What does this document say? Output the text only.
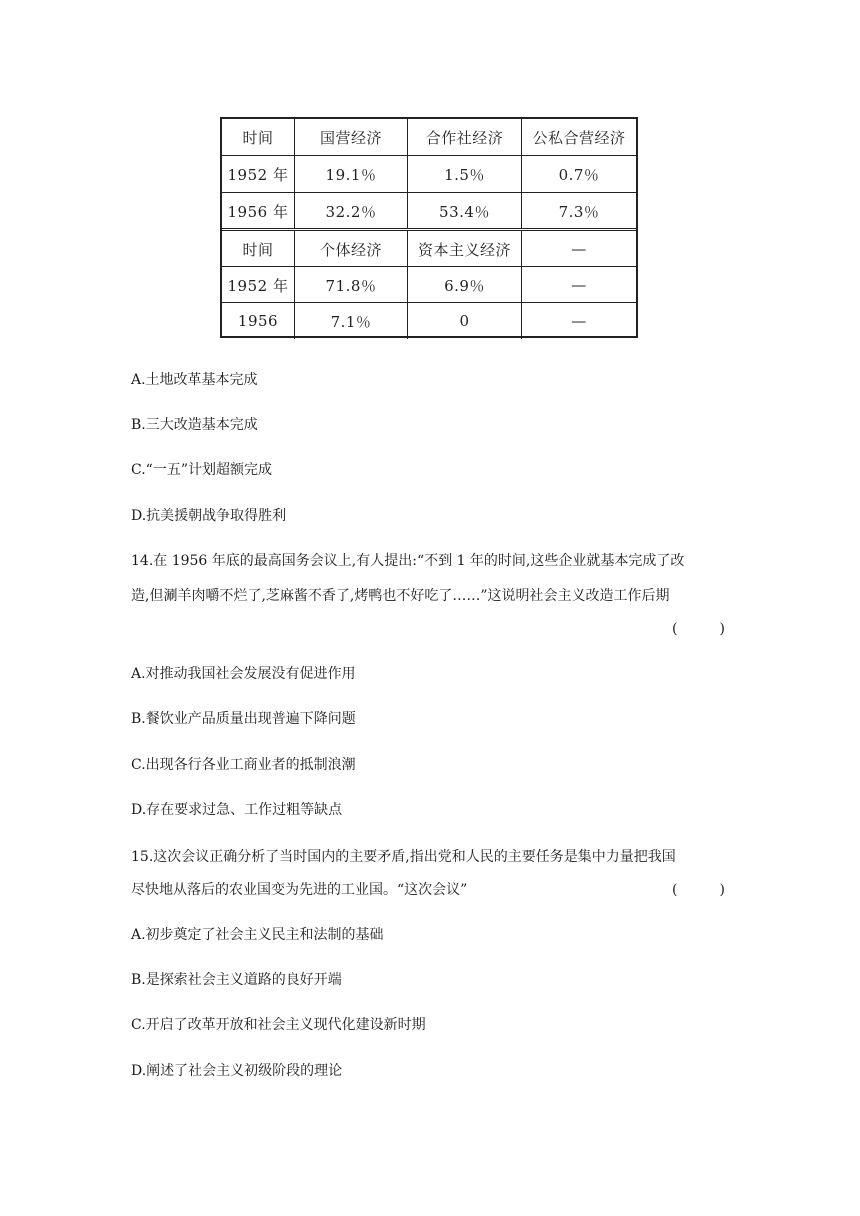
时间	国营经济	合作社经济	公私合营经济
1952 年	19.1％	1.5％	0.7％
1956 年	32.2％	53.4％	7.3％
时间	个体经济	资本主义经济	—
1952 年	71.8％	6.9％	—
1956	7.1％	0	—
A.土地改革基本完成
B.三大改造基本完成
C.“一五”计划超额完成
D.抗美援朝战争取得胜利
14.在 1956 年底的最高国务会议上,有人提出:“不到 1 年的时间,这些企业就基本完成了改
造,但涮羊肉嚼不烂了,芝麻酱不香了,烤鸭也不好吃了……”这说明社会主义改造工作后期
(　　　)
A.对推动我国社会发展没有促进作用
B.餐饮业产品质量出现普遍下降问题
C.出现各行各业工商业者的抵制浪潮
D.存在要求过急、工作过粗等缺点
15.这次会议正确分析了当时国内的主要矛盾,指出党和人民的主要任务是集中力量把我国
尽快地从落后的农业国变为先进的工业国。“这次会议”	(　　　)
A.初步奠定了社会主义民主和法制的基础
B.是探索社会主义道路的良好开端
C.开启了改革开放和社会主义现代化建设新时期
D.阐述了社会主义初级阶段的理论
